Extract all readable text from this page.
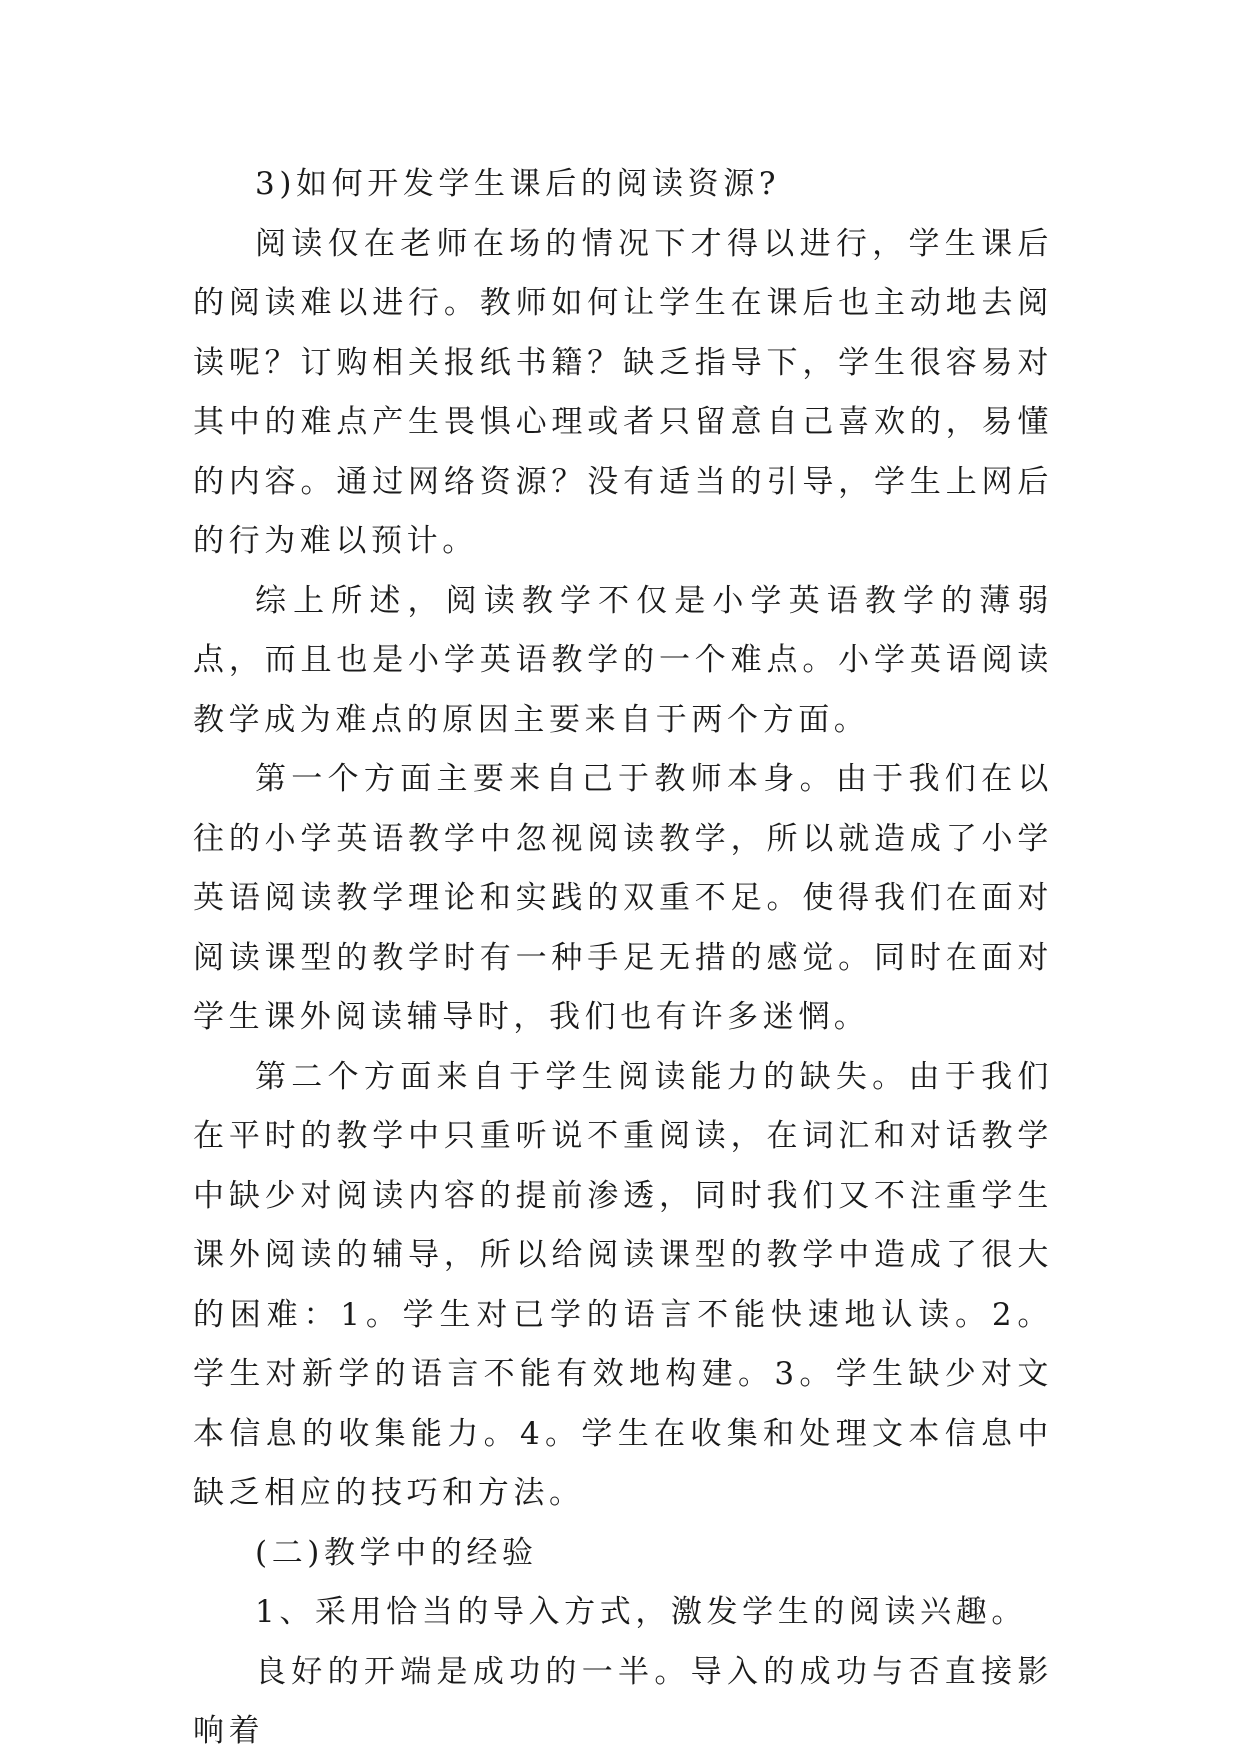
3)如何开发学生课后的阅读资源?

阅读仅在老师在场的情况下才得以进行，学生课后的阅读难以进行。教师如何让学生在课后也主动地去阅读呢？订购相关报纸书籍？缺乏指导下，学生很容易对其中的难点产生畏惧心理或者只留意自己喜欢的，易懂的内容。通过网络资源？没有适当的引导，学生上网后的行为难以预计。

综上所述，阅读教学不仅是小学英语教学的薄弱点，而且也是小学英语教学的一个难点。小学英语阅读教学成为难点的原因主要来自于两个方面。

第一个方面主要来自己于教师本身。由于我们在以往的小学英语教学中忽视阅读教学，所以就造成了小学英语阅读教学理论和实践的双重不足。使得我们在面对阅读课型的教学时有一种手足无措的感觉。同时在面对学生课外阅读辅导时，我们也有许多迷惘。

第二个方面来自于学生阅读能力的缺失。由于我们在平时的教学中只重听说不重阅读，在词汇和对话教学中缺少对阅读内容的提前渗透，同时我们又不注重学生课外阅读的辅导，所以给阅读课型的教学中造成了很大的困难：1。学生对已学的语言不能快速地认读。2。学生对新学的语言不能有效地构建。3。学生缺少对文本信息的收集能力。4。学生在收集和处理文本信息中缺乏相应的技巧和方法。

(二)教学中的经验

1、采用恰当的导入方式，激发学生的阅读兴趣。

良好的开端是成功的一半。导入的成功与否直接影响着
